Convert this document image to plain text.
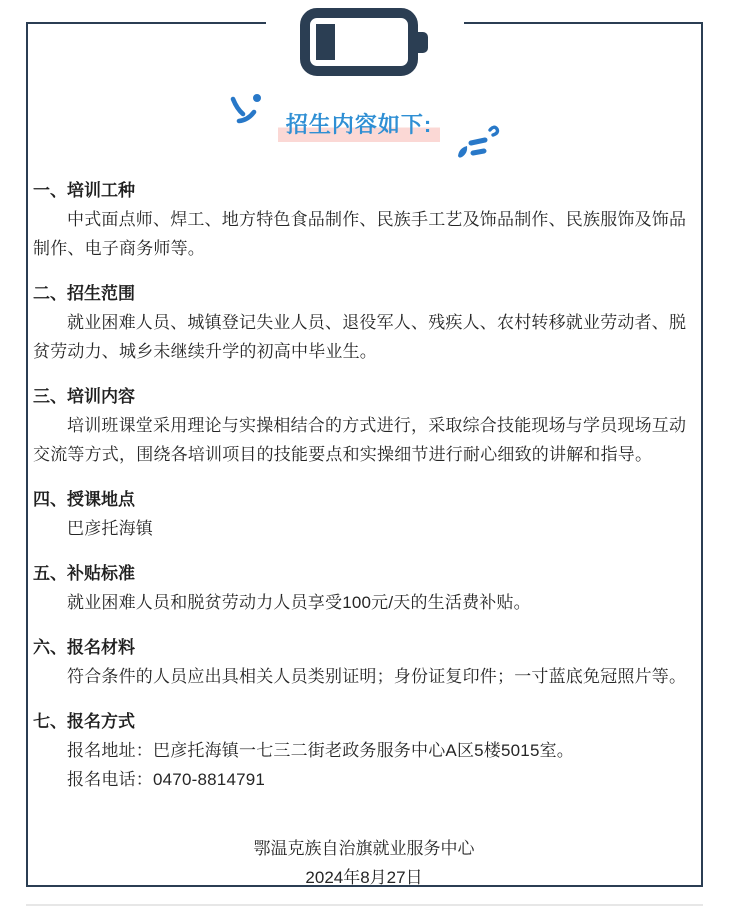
招生内容如下:
一、培训工种

中式面点师、焊工、地方特色食品制作、民族手工艺及饰品制作、民族服饰及饰品制作、电子商务师等。

二、招生范围

就业困难人员、城镇登记失业人员、退役军人、残疾人、农村转移就业劳动者、脱贫劳动力、城乡未继续升学的初高中毕业生。

三、培训内容

培训班课堂采用理论与实操相结合的方式进行，采取综合技能现场与学员现场互动交流等方式，围绕各培训项目的技能要点和实操细节进行耐心细致的讲解和指导。

四、授课地点

巴彦托海镇

五、补贴标准

就业困难人员和脱贫劳动力人员享受100元/天的生活费补贴。

六、报名材料

符合条件的人员应出具相关人员类别证明；身份证复印件；一寸蓝底免冠照片等。

七、报名方式

报名地址：巴彦托海镇一七三二街老政务服务中心A区5楼5015室。

报名电话：0470-8814791

鄂温克族自治旗就业服务中心
2024年8月27日
